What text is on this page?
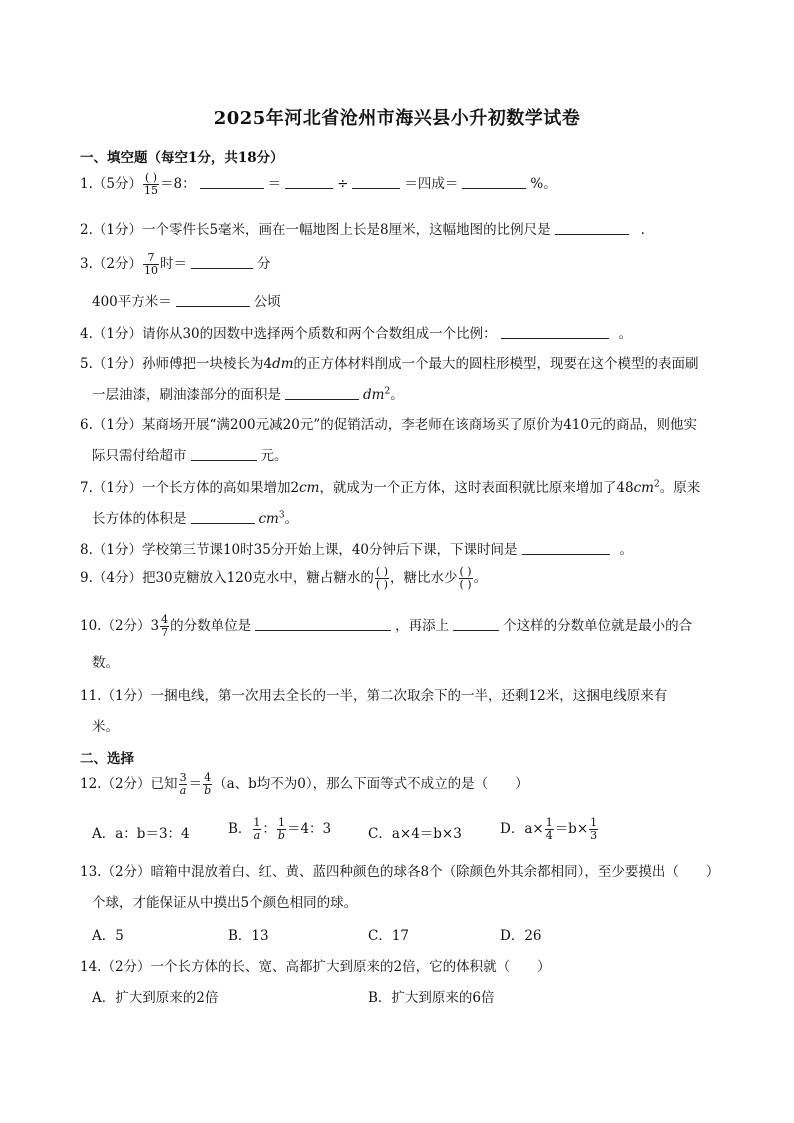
2025年河北省沧州市海兴县小升初数学试卷
一、填空题（每空1分，共18分）
1.（5分） $\frac{( )}{15} =8$：	＝	÷	＝四成＝	%。
2.（1分）一个零件长5毫米，画在一幅地图上长是8厘米，这幅地图的比例尺是	.
3.（2分） $\frac{7}{10}$ 时＝	分
400平方米＝	公顷
4.（1分）请你从30的因数中选择两个质数和两个合数组成一个比例：	。
5.（1分）孙师傅把一块棱长为4dm的正方体材料削成一个最大的圆柱形模型，现要在这个模型的表面刷
一层油漆，刷油漆部分的面积是	$dm^2$。
6.（1分）某商场开展“满200元减20元”的促销活动，李老师在该商场买了原价为410元的商品，则他实
际只需付给超市	元。
7.（1分）一个长方体的高如果增加2cm，就成为一个正方体，这时表面积就比原来增加了$48cm^2$。原来
长方体的体积是	$cm^3$。
8.（1分）学校第三节课10时35分开始上课，40分钟后下课，下课时间是	。
9.（4分）把30克糖放入120克水中，糖占糖水的 $\frac{( )}{( )}$ ，糖比水少 $\frac{( )}{( )}$ 。
10.（2分）$3 \frac{4}{7}$ 的分数单位是	，再添上	个这样的分数单位就是最小的合
数。
11.（1分）一捆电线，第一次用去全长的一半，第二次取余下的一半，还剩12米，这捆电线原来有
米。
二、选择
12.（2分）已知 $\frac{3}{a} = \frac{4}{b} (a$、b均不为0），那么下面等式不成立的是（　　）
A．a：b＝3：4	B． $\frac{1}{a}$ ： $\frac{1}{b} =4$：3	C．a×4＝b×3	D．$a\times \frac{1}{4} =b\times \frac{1}{3}$
13.（2分）暗箱中混放着白、红、黄、蓝四种颜色的球各8个（除颜色外其余都相同），至少要摸出（　　）
个球，才能保证从中摸出5个颜色相同的球。
A．5	B．13	C．17	D．26
14.（2分）一个长方体的长、宽、高都扩大到原来的2倍，它的体积就（　　）
A．扩大到原来的2倍	B．扩大到原来的6倍
